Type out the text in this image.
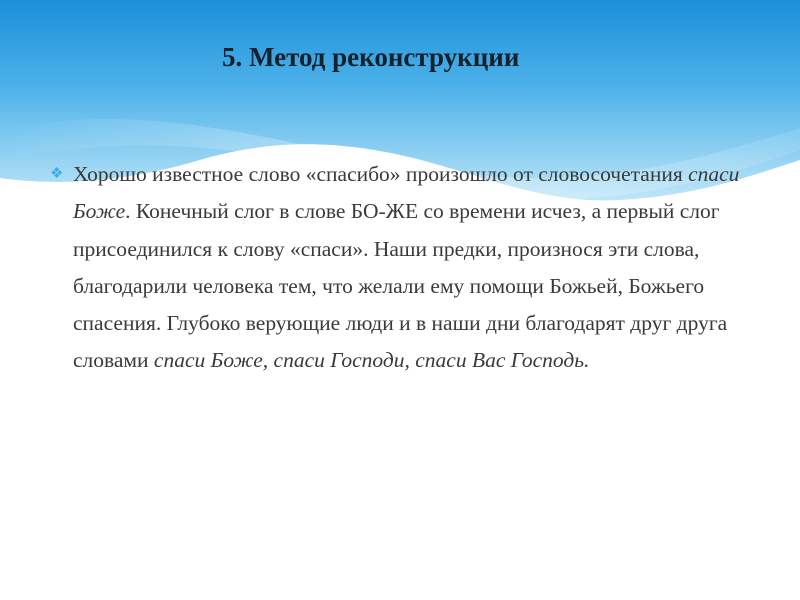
5. Метод реконструкции
❖ Хорошо известное слово «спасибо» произошло от словосочетания спаси Боже. Конечный слог в слове БО-ЖЕ со времени исчез, а первый слог присоединился к слову «спаси». Наши предки, произнося эти слова, благодарили человека тем, что желали ему помощи Божьей, Божьего спасения. Глубоко верующие люди и в наши дни благодарят друг друга словами спаси Боже, спаси Господи, спаси Вас Господь.
